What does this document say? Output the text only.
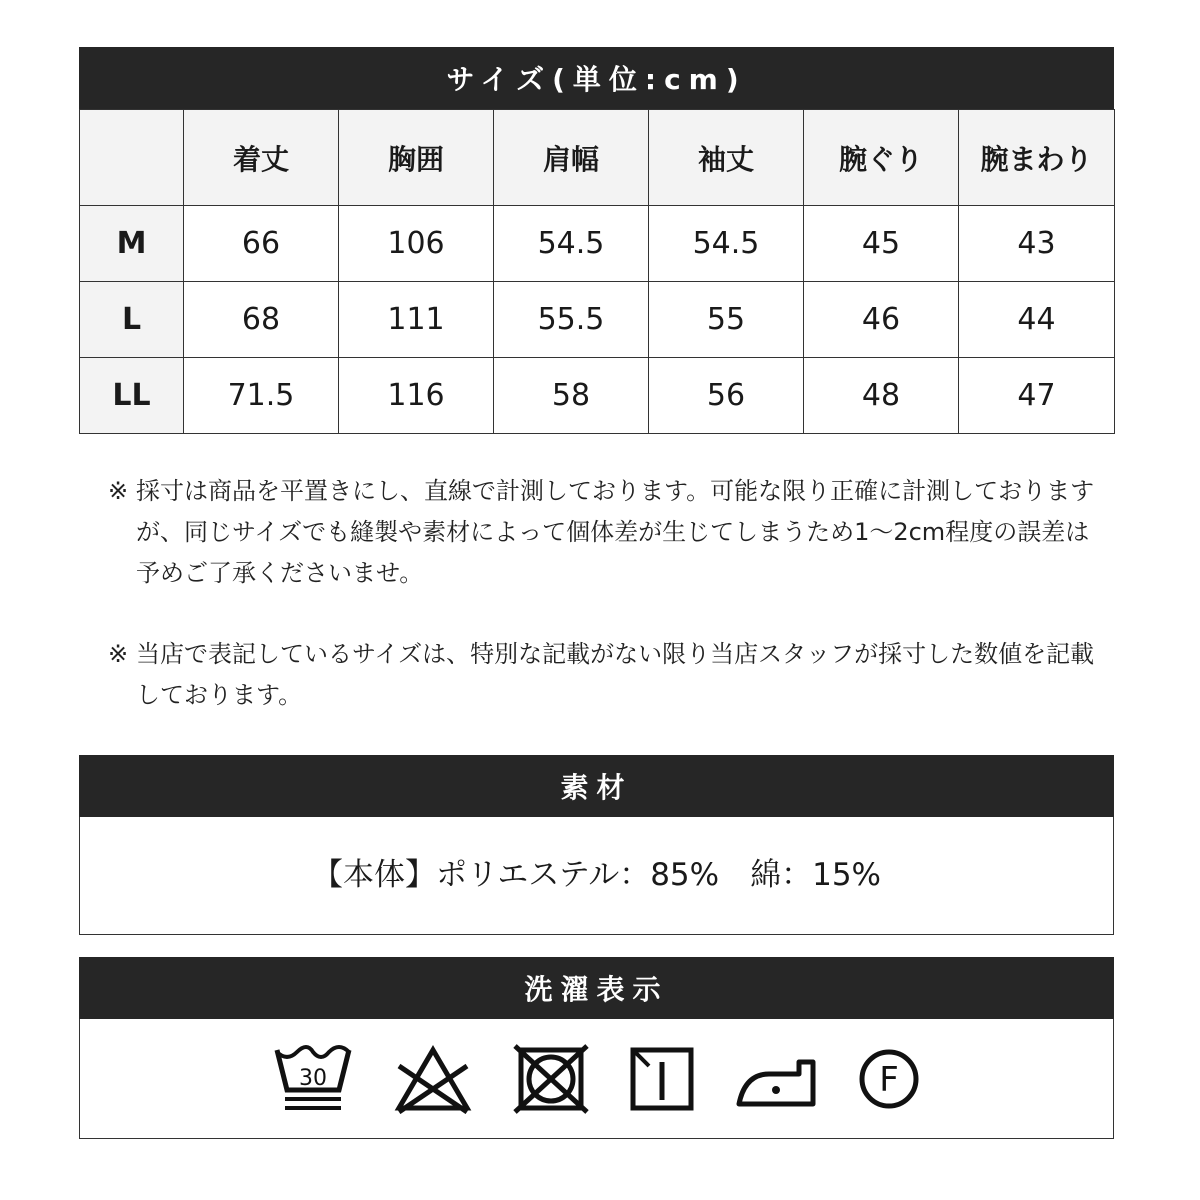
サイズ(単位:cm)
	着丈	胸囲	肩幅	袖丈	腕ぐり	腕まわり
M	66	106	54.5	54.5	45	43
L	68	111	55.5	55	46	44
LL	71.5	116	58	56	48	47
※ 採寸は商品を平置きにし、直線で計測しております。可能な限り正確に計測しておりますが、同じサイズでも縫製や素材によって個体差が生じてしまうため1～2cm程度の誤差は予めご了承くださいませ。
※ 当店で表記しているサイズは、特別な記載がない限り当店スタッフが採寸した数値を記載しております。
素材
【本体】ポリエステル：85%　綿：15%
洗濯表示
30	F
